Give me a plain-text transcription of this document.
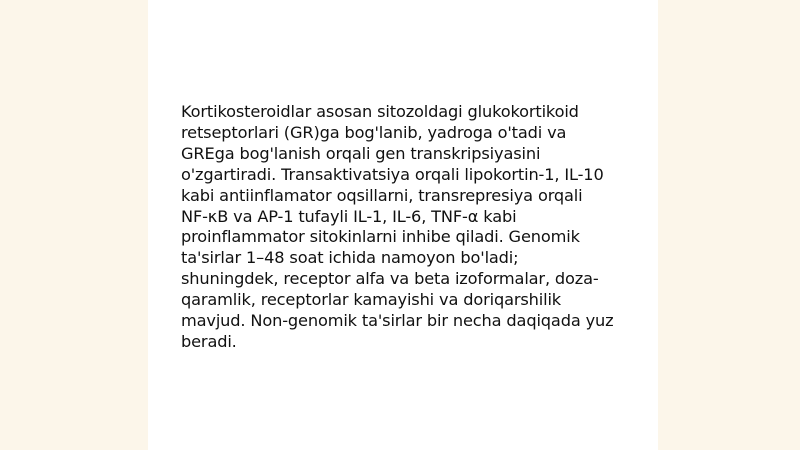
Kortikosteroidlar asosan sitozoldagi glukokortikoid
retseptorlari (GR)ga bog'lanib, yadroga o'tadi va
GREga bog'lanish orqali gen transkripsiyasini
o'zgartiradi. Transaktivatsiya orqali lipokortin-1, IL-10
kabi antiinflamator oqsillarni, transrepresiya orqali
NF-κB va AP-1 tufayli IL-1, IL-6, TNF-α kabi
proinflammator sitokinlarni inhibe qiladi. Genomik
ta'sirlar 1–48 soat ichida namoyon bo'ladi;
shuningdek, receptor alfa va beta izoformalar, doza-
qaramlik, receptorlar kamayishi va doriqarshilik
mavjud. Non-genomik ta'sirlar bir necha daqiqada yuz
beradi.
